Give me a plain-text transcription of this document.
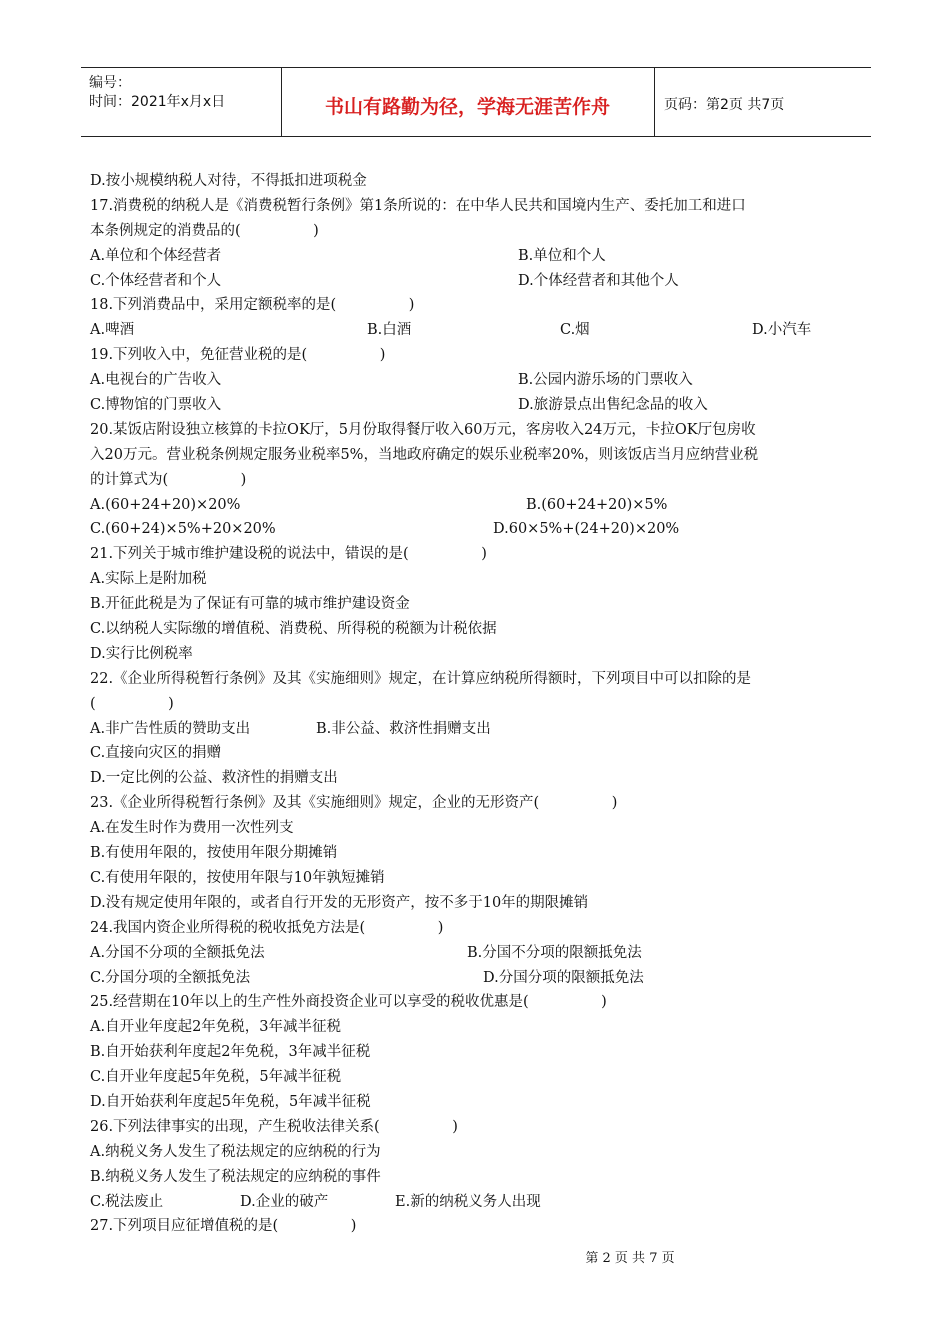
编号：
时间：2021年x月x日	书山有路勤为径，学海无涯苦作舟	页码：第2页 共7页
D.按小规模纳税人对待，不得抵扣进项税金
17.消费税的纳税人是《消费税暂行条例》第1条所说的：在中华人民共和国境内生产、委托加工和进口
本条例规定的消费品的(　　　　　)
A.单位和个体经营者	B.单位和个人
C.个体经营者和个人	D.个体经营者和其他个人
18.下列消费品中，采用定额税率的是(　　　　　)
A.啤酒	B.白酒	C.烟	D.小汽车
19.下列收入中，免征营业税的是(　　　　　)
A.电视台的广告收入	B.公园内游乐场的门票收入
C.博物馆的门票收入	D.旅游景点出售纪念品的收入
20.某饭店附设独立核算的卡拉OK厅，5月份取得餐厅收入60万元，客房收入24万元，卡拉OK厅包房收
入20万元。营业税条例规定服务业税率5%，当地政府确定的娱乐业税率20%，则该饭店当月应纳营业税
的计算式为(　　　　　)
A.(60+24+20)×20%	B.(60+24+20)×5%
C.(60+24)×5%+20×20%	D.60×5%+(24+20)×20%
21.下列关于城市维护建设税的说法中，错误的是(　　　　　)
A.实际上是附加税
B.开征此税是为了保证有可靠的城市维护建设资金
C.以纳税人实际缴的增值税、消费税、所得税的税额为计税依据
D.实行比例税率
22.《企业所得税暂行条例》及其《实施细则》规定，在计算应纳税所得额时，下列项目中可以扣除的是
(　　　　　)
A.非广告性质的赞助支出	B.非公益、救济性捐赠支出
C.直接向灾区的捐赠
D.一定比例的公益、救济性的捐赠支出
23.《企业所得税暂行条例》及其《实施细则》规定，企业的无形资产(　　　　　)
A.在发生时作为费用一次性列支
B.有使用年限的，按使用年限分期摊销
C.有使用年限的，按使用年限与10年孰短摊销
D.没有规定使用年限的，或者自行开发的无形资产，按不多于10年的期限摊销
24.我国内资企业所得税的税收抵免方法是(　　　　　)
A.分国不分项的全额抵免法	B.分国不分项的限额抵免法
C.分国分项的全额抵免法	D.分国分项的限额抵免法
25.经营期在10年以上的生产性外商投资企业可以享受的税收优惠是(　　　　　)
A.自开业年度起2年免税，3年减半征税
B.自开始获利年度起2年免税，3年减半征税
C.自开业年度起5年免税，5年减半征税
D.自开始获利年度起5年免税，5年减半征税
26.下列法律事实的出现，产生税收法律关系(　　　　　)
A.纳税义务人发生了税法规定的应纳税的行为
B.纳税义务人发生了税法规定的应纳税的事件
C.税法废止	D.企业的破产	E.新的纳税义务人出现
27.下列项目应征增值税的是(　　　　　)
第 2 页 共 7 页
